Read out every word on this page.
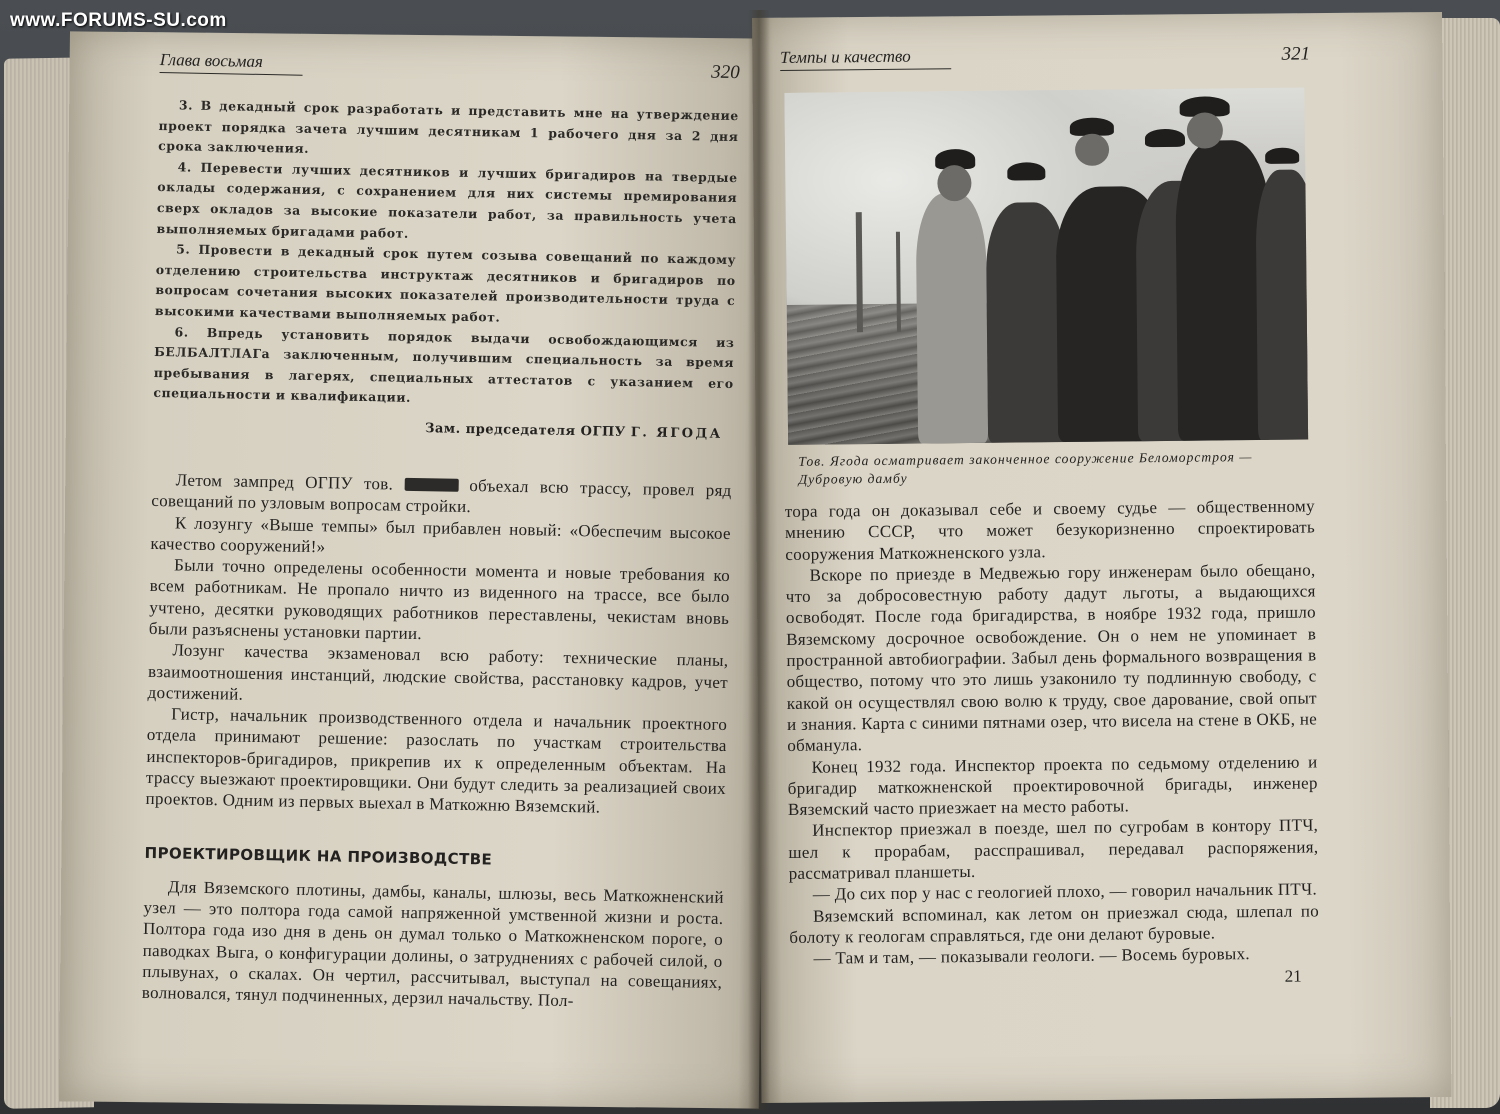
www.FORUMS-SU.com
Глава восьмая
320

3. В декадный срок разработать и представить мне на утверждение проект порядка зачета лучшим десятникам 1 рабочего дня за 2 дня срока заключения.

4. Перевести лучших десятников и лучших бригадиров на твердые оклады содержания, с сохранением для них системы премирования сверх окладов за высокие показатели работ, за правильность учета выполняемых бригадами работ.

5. Провести в декадный срок путем созыва совещаний по каждому отделению строительства инструктаж десятников и бригадиров по вопросам сочетания высоких показателей производительности труда с высокими качествами выполняемых работ.

6. Впредь установить порядок выдачи освобождающимся из БЕЛБАЛТЛАГа заключенным, получившим специальность за время пребывания в лагерях, специальных аттестатов с указанием его специальности и квалификации.

Зам. председателя ОГПУ Г. ЯГОДА

Летом зампред ОГПУ тов.	объехал всю трассу, провел ряд совещаний по узловым вопросам стройки.

К лозунгу «Выше темпы» был прибавлен новый: «Обеспечим высокое качество сооружений!»

Были точно определены особенности момента и новые требования ко всем работникам. Не пропало ничто из виденного на трассе, все было учтено, десятки руководящих работников переставлены, чекистам вновь были разъяснены установки партии.

Лозунг качества экзаменовал всю работу: технические планы, взаимоотношения инстанций, людские свойства, расстановку кадров, учет достижений.

Гистр, начальник производственного отдела и начальник проектного отдела принимают решение: разослать по участкам строительства инспекторов-бригадиров, прикрепив их к определенным объектам. На трассу выезжают проектировщики. Они будут следить за реализацией своих проектов. Одним из первых выехал в Маткожню Вяземский.

ПРОЕКТИРОВЩИК НА ПРОИЗВОДСТВЕ

Для Вяземского плотины, дамбы, каналы, шлюзы, весь Маткожненский узел — это полтора года самой напряженной умственной жизни и роста. Полтора года изо дня в день он думал только о Маткожненском пороге, о паводках Выга, о конфигурации долины, о затруднениях с рабочей силой, о плывунах, о скалах. Он чертил, рассчитывал, выступал на совещаниях, волновался, тянул подчиненных, дерзил начальству. Пол-

Темпы и качество	321
Тов. Ягода осматривает законченное сооружение Беломорстроя — Дубровую дамбу

тора года он доказывал себе и своему судье — общественному мнению СССР, что может безукоризненно спроектировать сооружения Маткожненского узла.

Вскоре по приезде в Медвежью гору инженерам было обещано, что за добросовестную работу дадут льготы, а выдающихся освободят. После года бригадирства, в ноябре 1932 года, пришло Вяземскому досрочное освобождение. Он о нем не упоминает в пространной автобиографии. Забыл день формального возвращения в общество, потому что это лишь узаконило ту подлинную свободу, с какой он осуществлял свою волю к труду, свое дарование, свой опыт и знания. Карта с синими пятнами озер, что висела на стене в ОКБ, не обманула.

Конец 1932 года. Инспектор проекта по седьмому отделению и бригадир маткожненской проектировочной бригады, инженер Вяземский часто приезжает на место работы.

Инспектор приезжал в поезде, шел по сугробам в контору ПТЧ, шел к прорабам, расспрашивал, передавал распоряжения, рассматривал планшеты.

— До сих пор у нас с геологией плохо, — говорил начальник ПТЧ.

Вяземский вспоминал, как летом он приезжал сюда, шлепал по болоту к геологам справляться, где они делают буровые.

— Там и там, — показывали геологи. — Восемь буровых.

21
